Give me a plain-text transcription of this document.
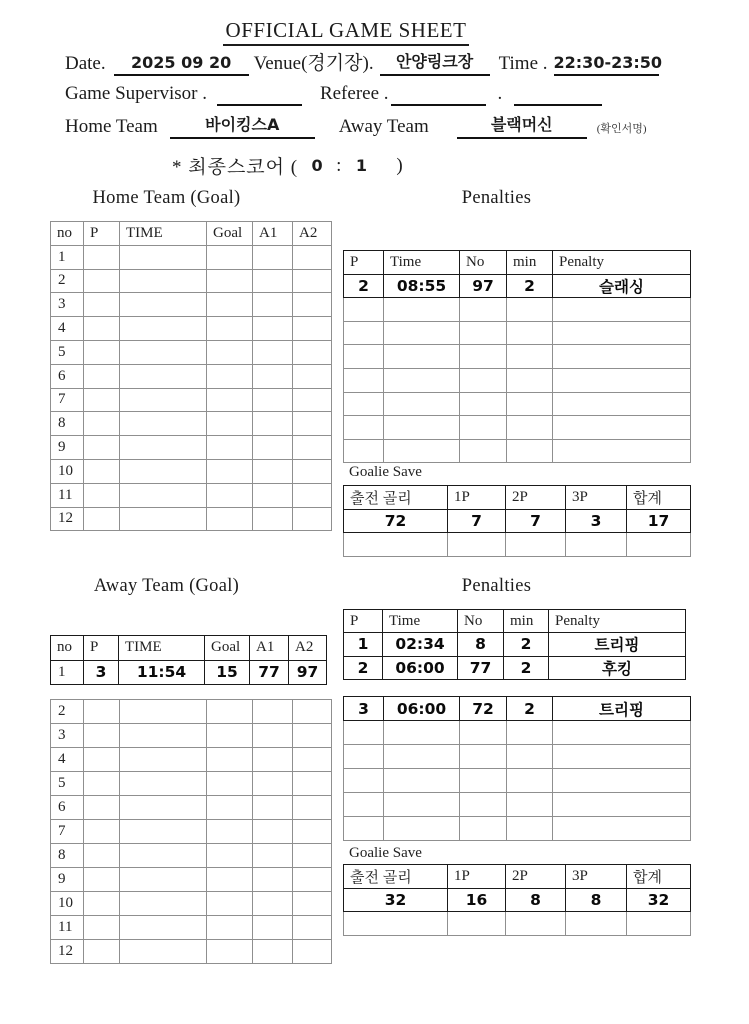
OFFICIAL GAME SHEET
Date.	2025 09 20	Venue(경기장).	안양링크장	Time . 22:30-23:50
Game Supervisor .	Referee .	.
Home Team	바이킹스A	Away Team	블랙머신	(확인서명)
* 최종스코어 ( 0 : 1	)
Home Team (Goal)	Penalties
no	P	TIME	Goal	A1	A2
1					
2					
3					
4					
5					
6					
7					
8					
9					
10					
11					
12					
P	Time	No	min	Penalty
2	08:55	97	2	슬래싱

Goalie Save
출전 골리	1P	2P	3P	합계
72	7	7	3	17

Away Team (Goal)	Penalties
no	P	TIME	Goal	A1	A2
1	3	11:54	15	77	97
2					
3					
4					
5					
6					
7					
8					
9					
10					
11					
12					
P	Time	No	min	Penalty
1	02:34	8	2	트리핑
2	06:00	77	2	후킹
3	06:00	72	2	트리핑

Goalie Save
출전 골리	1P	2P	3P	합계
32	16	8	8	32
